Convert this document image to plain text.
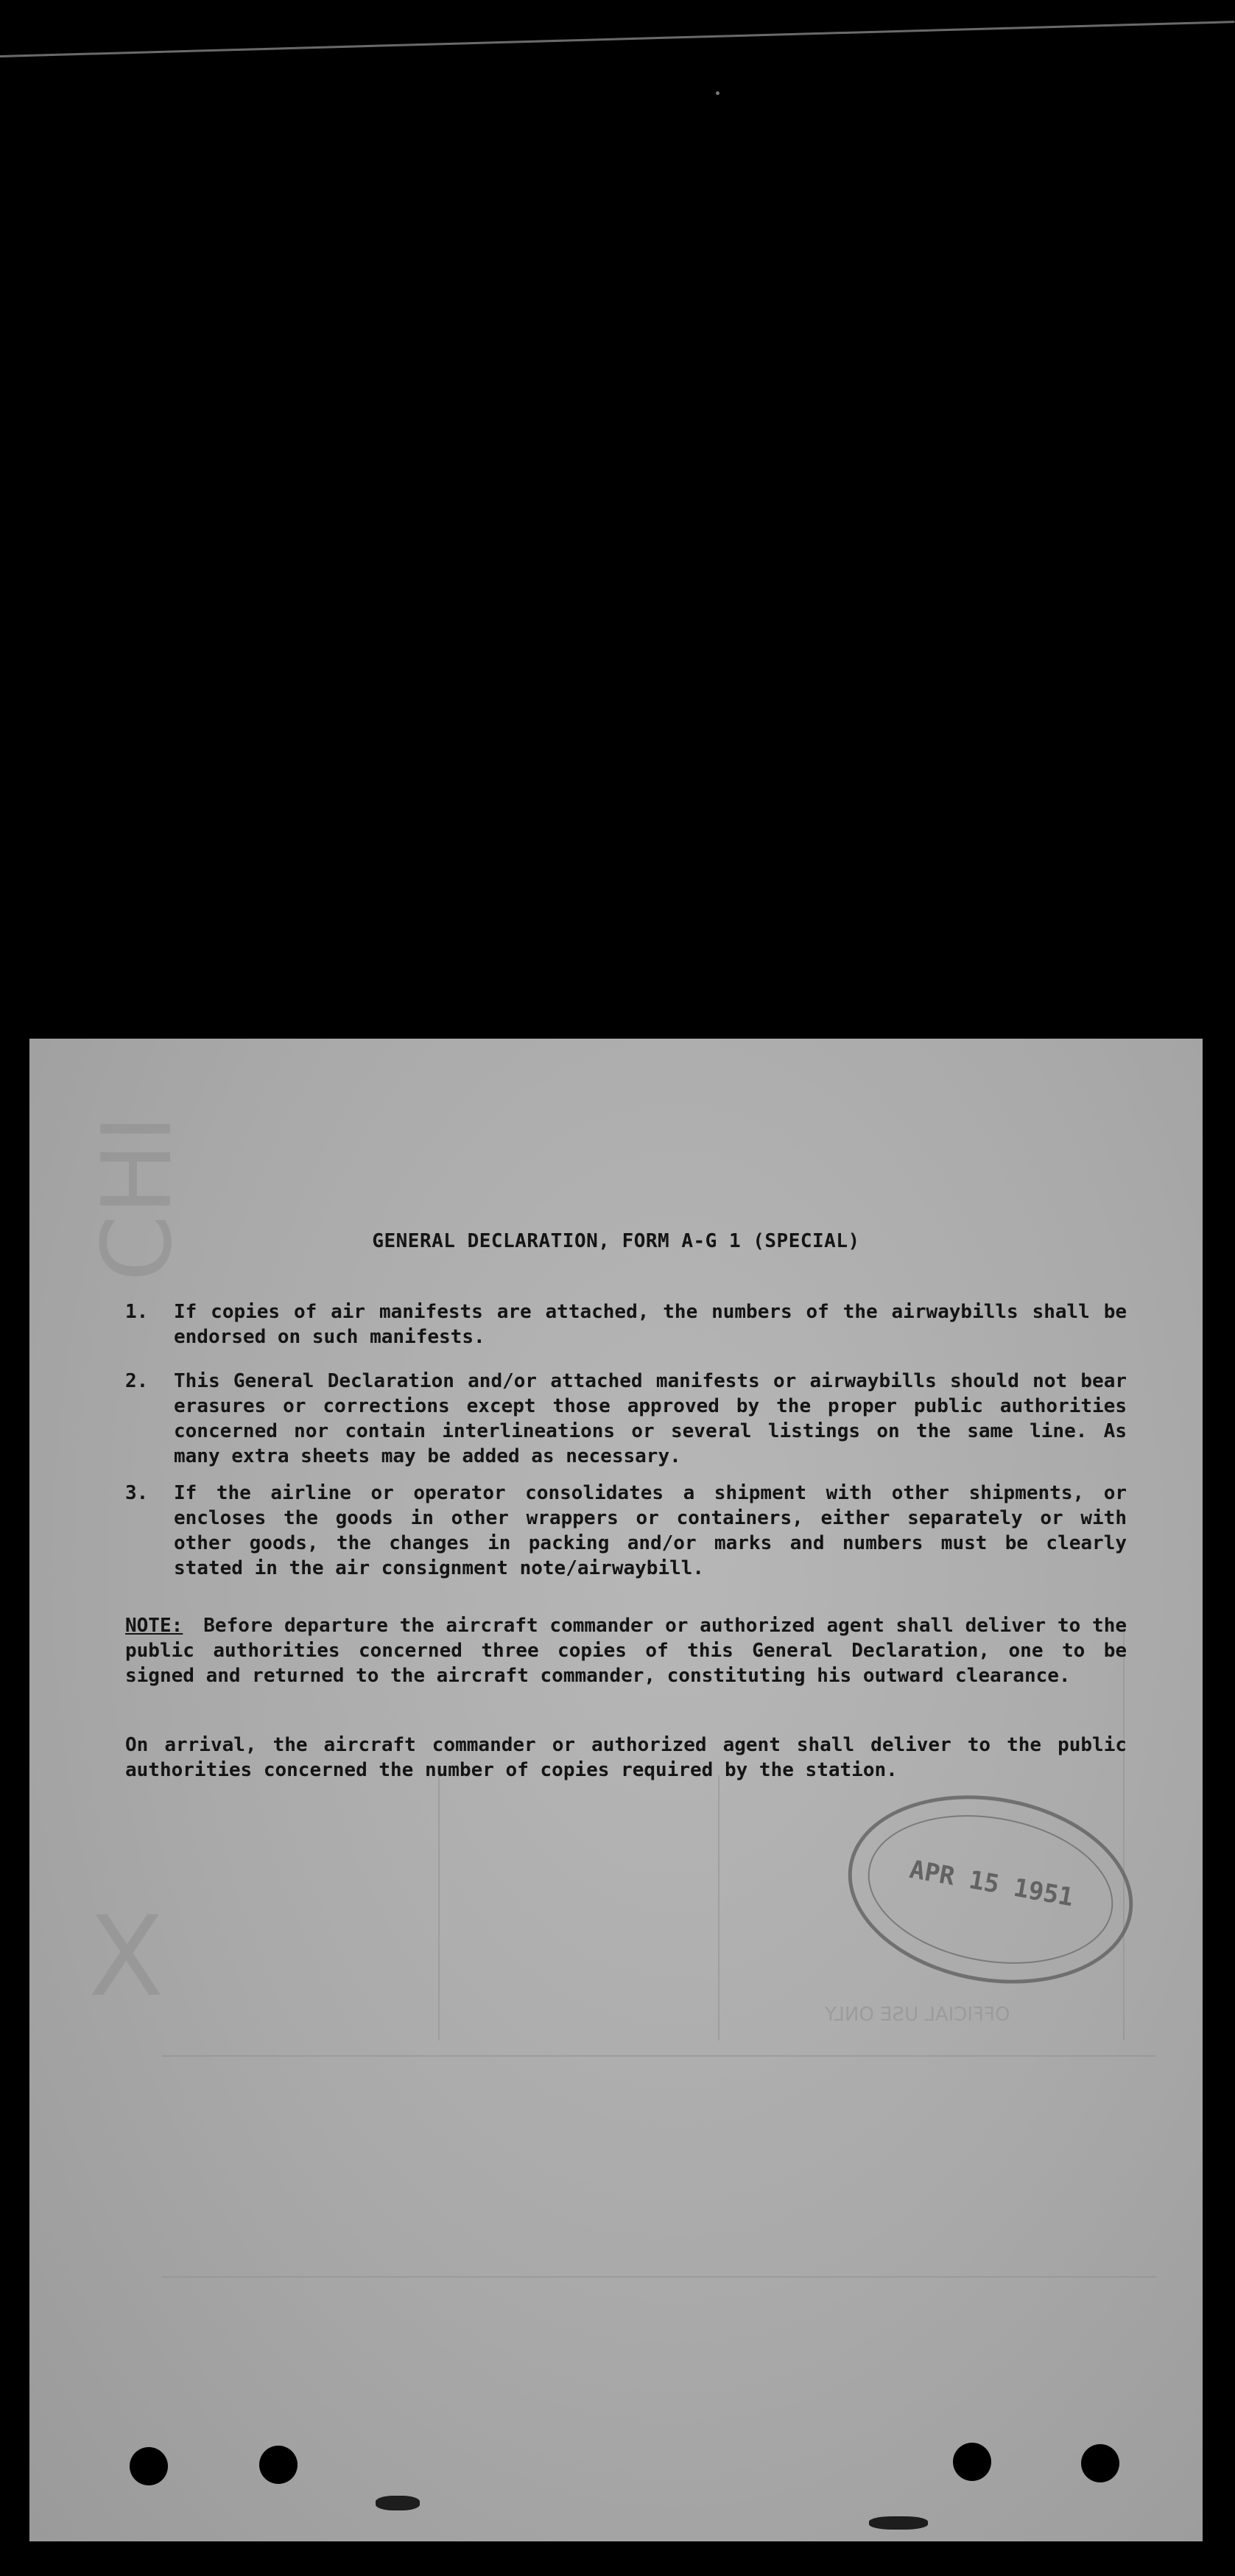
CHI
X	OFFICIAL USE ONLY
GENERAL DECLARATION, FORM A-G 1 (SPECIAL)
1. If copies of air manifests are attached, the numbers of the airwaybills shall be endorsed on such manifests.
2. This General Declaration and/or attached manifests or airwaybills should not bear erasures or corrections except those approved by the proper public authorities concerned nor contain interlineations or several listings on the same line. As many extra sheets may be added as necessary.
3. If the airline or operator consolidates a shipment with other shipments, or encloses the goods in other wrappers or containers, either separately or with other goods, the changes in packing and/or marks and numbers must be clearly stated in the air consignment note/airwaybill.
NOTE: Before departure the aircraft commander or authorized agent shall deliver to the public authorities concerned three copies of this General Declaration, one to be signed and returned to the aircraft commander, constituting his outward clearance.
On arrival, the aircraft commander or authorized agent shall deliver to the public authorities concerned the number of copies required by the station.
APR 15 1951
